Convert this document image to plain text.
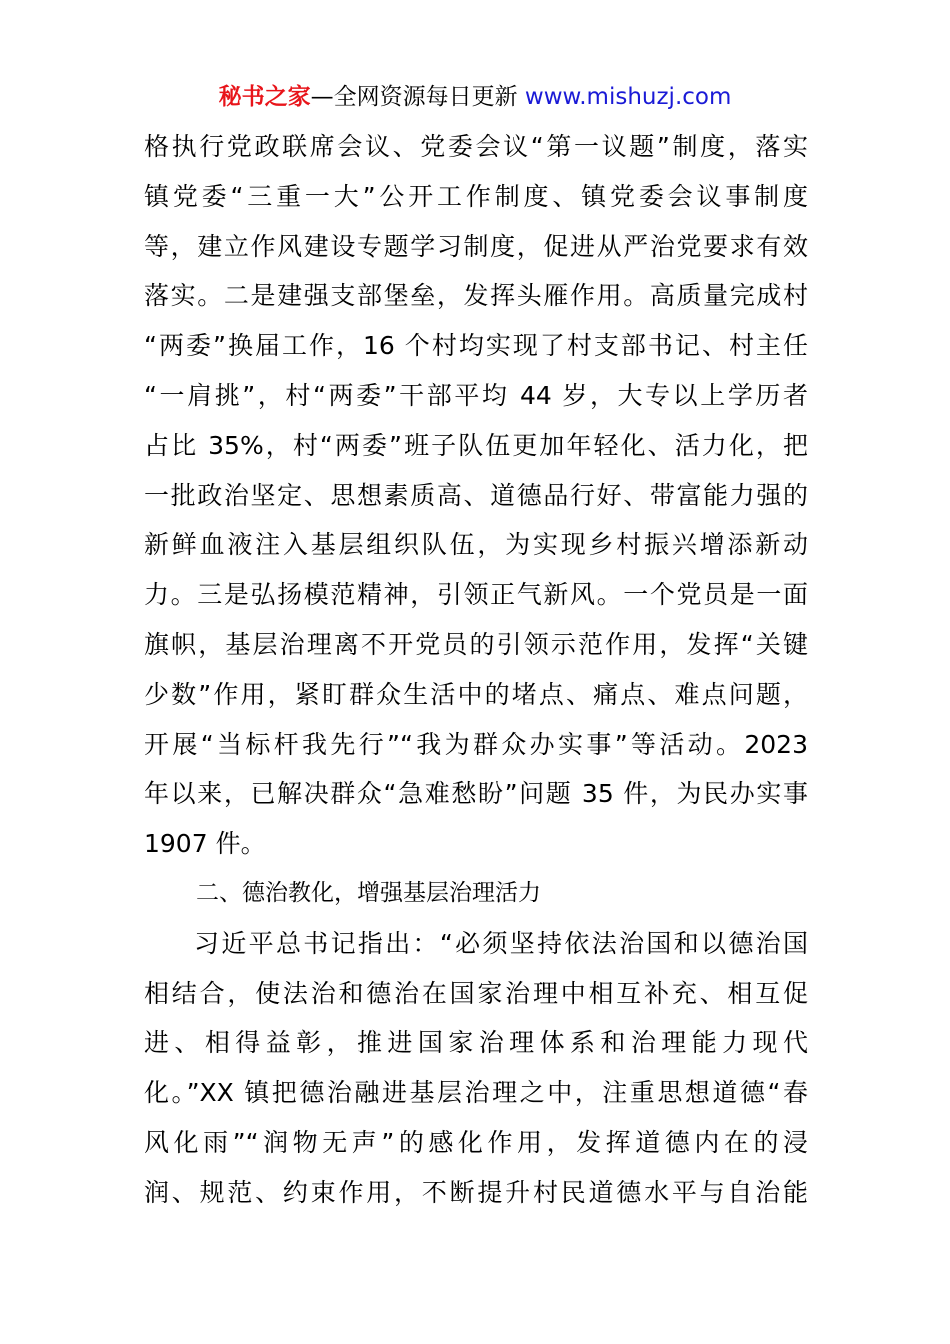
秘书之家—全网资源每日更新 www.mishuzj.com
格执行党政联席会议、党委会议“第一议题”制度，落实
镇党委“三重一大”公开工作制度、镇党委会议事制度
等，建立作风建设专题学习制度，促进从严治党要求有效
落实。二是建强支部堡垒，发挥头雁作用。高质量完成村
“两委”换届工作，16 个村均实现了村支部书记、村主任
“一肩挑”，村“两委”干部平均 44 岁，大专以上学历者
占比 35%，村“两委”班子队伍更加年轻化、活力化，把
一批政治坚定、思想素质高、道德品行好、带富能力强的
新鲜血液注入基层组织队伍，为实现乡村振兴增添新动
力。三是弘扬模范精神，引领正气新风。一个党员是一面
旗帜，基层治理离不开党员的引领示范作用，发挥“关键
少数”作用，紧盯群众生活中的堵点、痛点、难点问题，
开展“当标杆我先行”“我为群众办实事”等活动。2023
年以来，已解决群众“急难愁盼”问题 35 件，为民办实事
1907 件。
二、德治教化，增强基层治理活力
习近平总书记指出：“必须坚持依法治国和以德治国
相结合，使法治和德治在国家治理中相互补充、相互促
进、相得益彰，推进国家治理体系和治理能力现代
化。”XX 镇把德治融进基层治理之中，注重思想道德“春
风化雨”“润物无声”的感化作用，发挥道德内在的浸
润、规范、约束作用，不断提升村民道德水平与自治能
